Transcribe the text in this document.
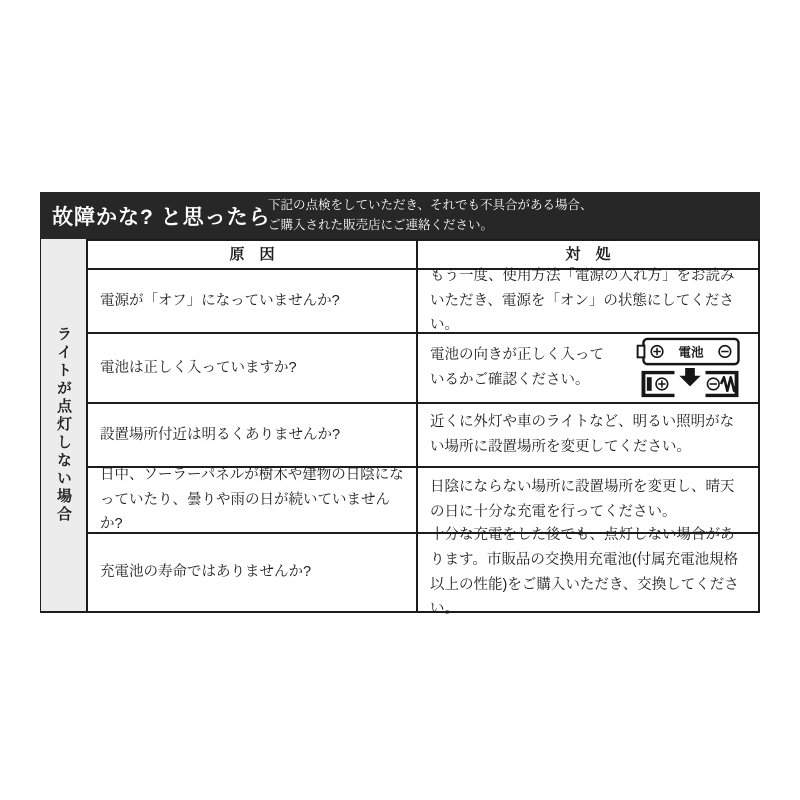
故障かな? と思ったら
下記の点検をしていただき、それでも不具合がある場合、
ご購入された販売店にご連絡ください。
ライトが点灯しない場合
原　因	対　処
電源が「オフ」になっていませんか?
もう一度、使用方法「電源の入れ方」をお読みいただき、電源を「オン」の状態にしてください。
電池は正しく入っていますか?
電池の向きが正しく入っているかご確認ください。
電池
設置場所付近は明るくありませんか?
近くに外灯や車のライトなど、明るい照明がない場所に設置場所を変更してください。
日中、ソーラーパネルが樹木や建物の日陰になっていたり、曇りや雨の日が続いていませんか?
日陰にならない場所に設置場所を変更し、晴天の日に十分な充電を行ってください。
充電池の寿命ではありませんか?
十分な充電をした後でも、点灯しない場合があります。市販品の交換用充電池(付属充電池規格以上の性能)をご購入いただき、交換してください。
